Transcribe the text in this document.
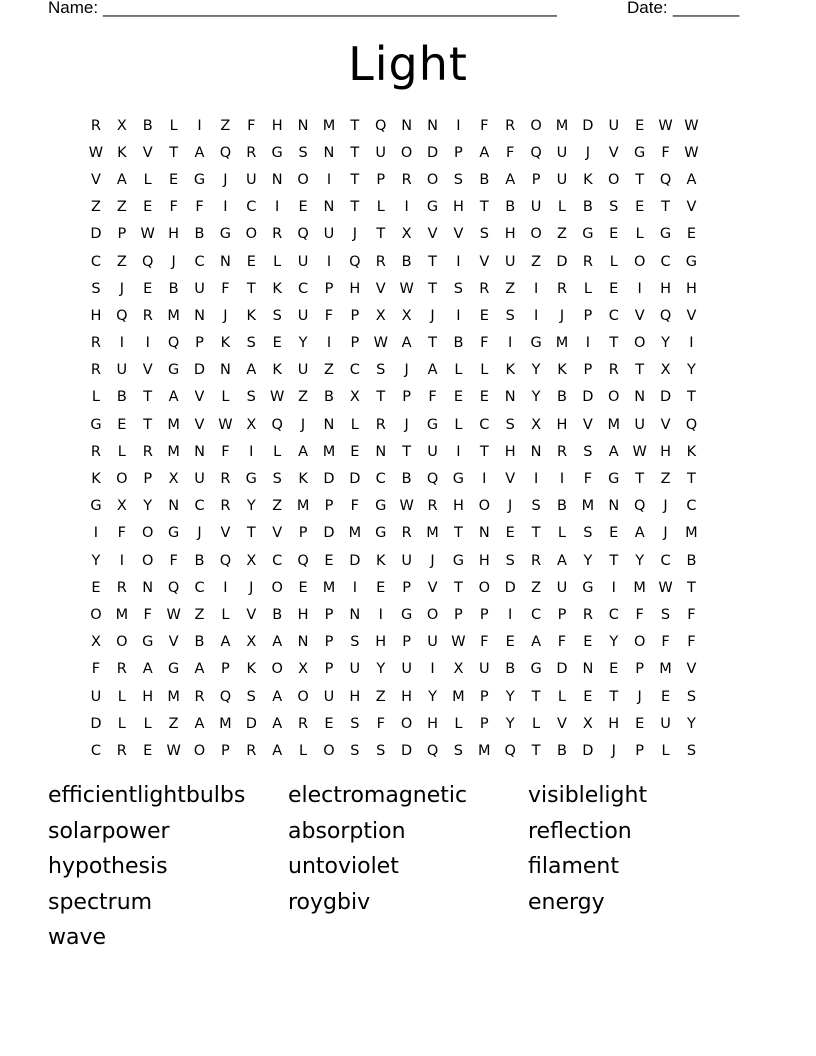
Name: ________________________________________________	Date: _______
Light
R	X	B	L	I	Z	F	H	N M	T	Q	N	N	I	F	R	O M D	U	E W W
W K	V	T	A	Q	R	G	S	N	T	U	O	D	P	A	F	Q	U	J	V	G	F	W
V	A	L	E	G	J	U	N	O	I	T	P	R	O	S	B	A	P	U	K	O	T	Q	A
Z	Z	E	F	F	I	C	I	E	N	T	L	I	G	H	T	B	U	L	B	S	E	T	V
D	P W H	B	G	O	R	Q	U	J	T	X	V	V	S	H	O	Z	G	E	L	G	E
C	Z	Q	J	C	N	E	L	U	I	Q	R	B	T	I	V	U	Z	D	R	L	O	C	G
S	J	E	B	U	F	T	K	C	P	H	V W T	S	R	Z	I	R	L	E	I	H	H
H	Q	R	M N	J	K	S	U	F	P	X	X	J	I	E	S	I	J	P	C	V	Q	V
R	I	I	Q	P	K	S	E	Y	I	P W A	T	B	F	I	G M	I	T	O	Y	I
R	U	V	G	D	N	A	K	U	Z	C	S	J	A	L	L	K	Y	K	P	R	T	X	Y
L	B	T	A	V	L	S W Z	B	X	T	P	F	E	E	N	Y	B	D	O	N	D	T
G	E	T	M	V W X	Q	J	N	L	R	J	G	L	C	S	X	H	V	M U	V	Q
R	L	R	M N	F	I	L	A	M	E	N	T	U	I	T	H	N	R	S	A W H	K
K	O	P	X	U	R	G	S	K	D	D	C	B	Q	G	I	V	I	I	F	G	T	Z	T
G	X	Y	N	C	R	Y	Z	M	P	F	G W R	H	O	J	S	B	M N	Q	J	C
I	F	O	G	J	V	T	V	P	D M G	R	M	T	N	E	T	L	S	E	A	J	M
Y	I	O	F	B	Q	X	C	Q	E	D	K	U	J	G	H	S	R	A	Y	T	Y	C	B
E	R	N	Q	C	I	J	O	E	M	I	E	P	V	T	O	D	Z	U	G	I	M W T
O M	F	W Z	L	V	B	H	P	N	I	G	O	P	P	I	C	P	R	C	F	S	F
X	O	G	V	B	A	X	A	N	P	S	H	P	U W	F	E	A	F	E	Y	O	F	F
F	R	A	G	A	P	K	O	X	P	U	Y	U	I	X	U	B	G	D	N	E	P	M	V
U	L	H M	R	Q	S	A	O	U	H	Z	H	Y	M	P	Y	T	L	E	T	J	E	S
D	L	L	Z	A	M D	A	R	E	S	F	O	H	L	P	Y	L	V	X	H	E	U	Y
C	R	E W O	P	R	A	L	O	S	S	D	Q	S	M Q	T	B	D	J	P	L	S
efficientlightbulbs	electromagnetic	visiblelight
solarpower	absorption	reflection
hypothesis	untoviolet	filament
spectrum	roygbiv	energy
wave
